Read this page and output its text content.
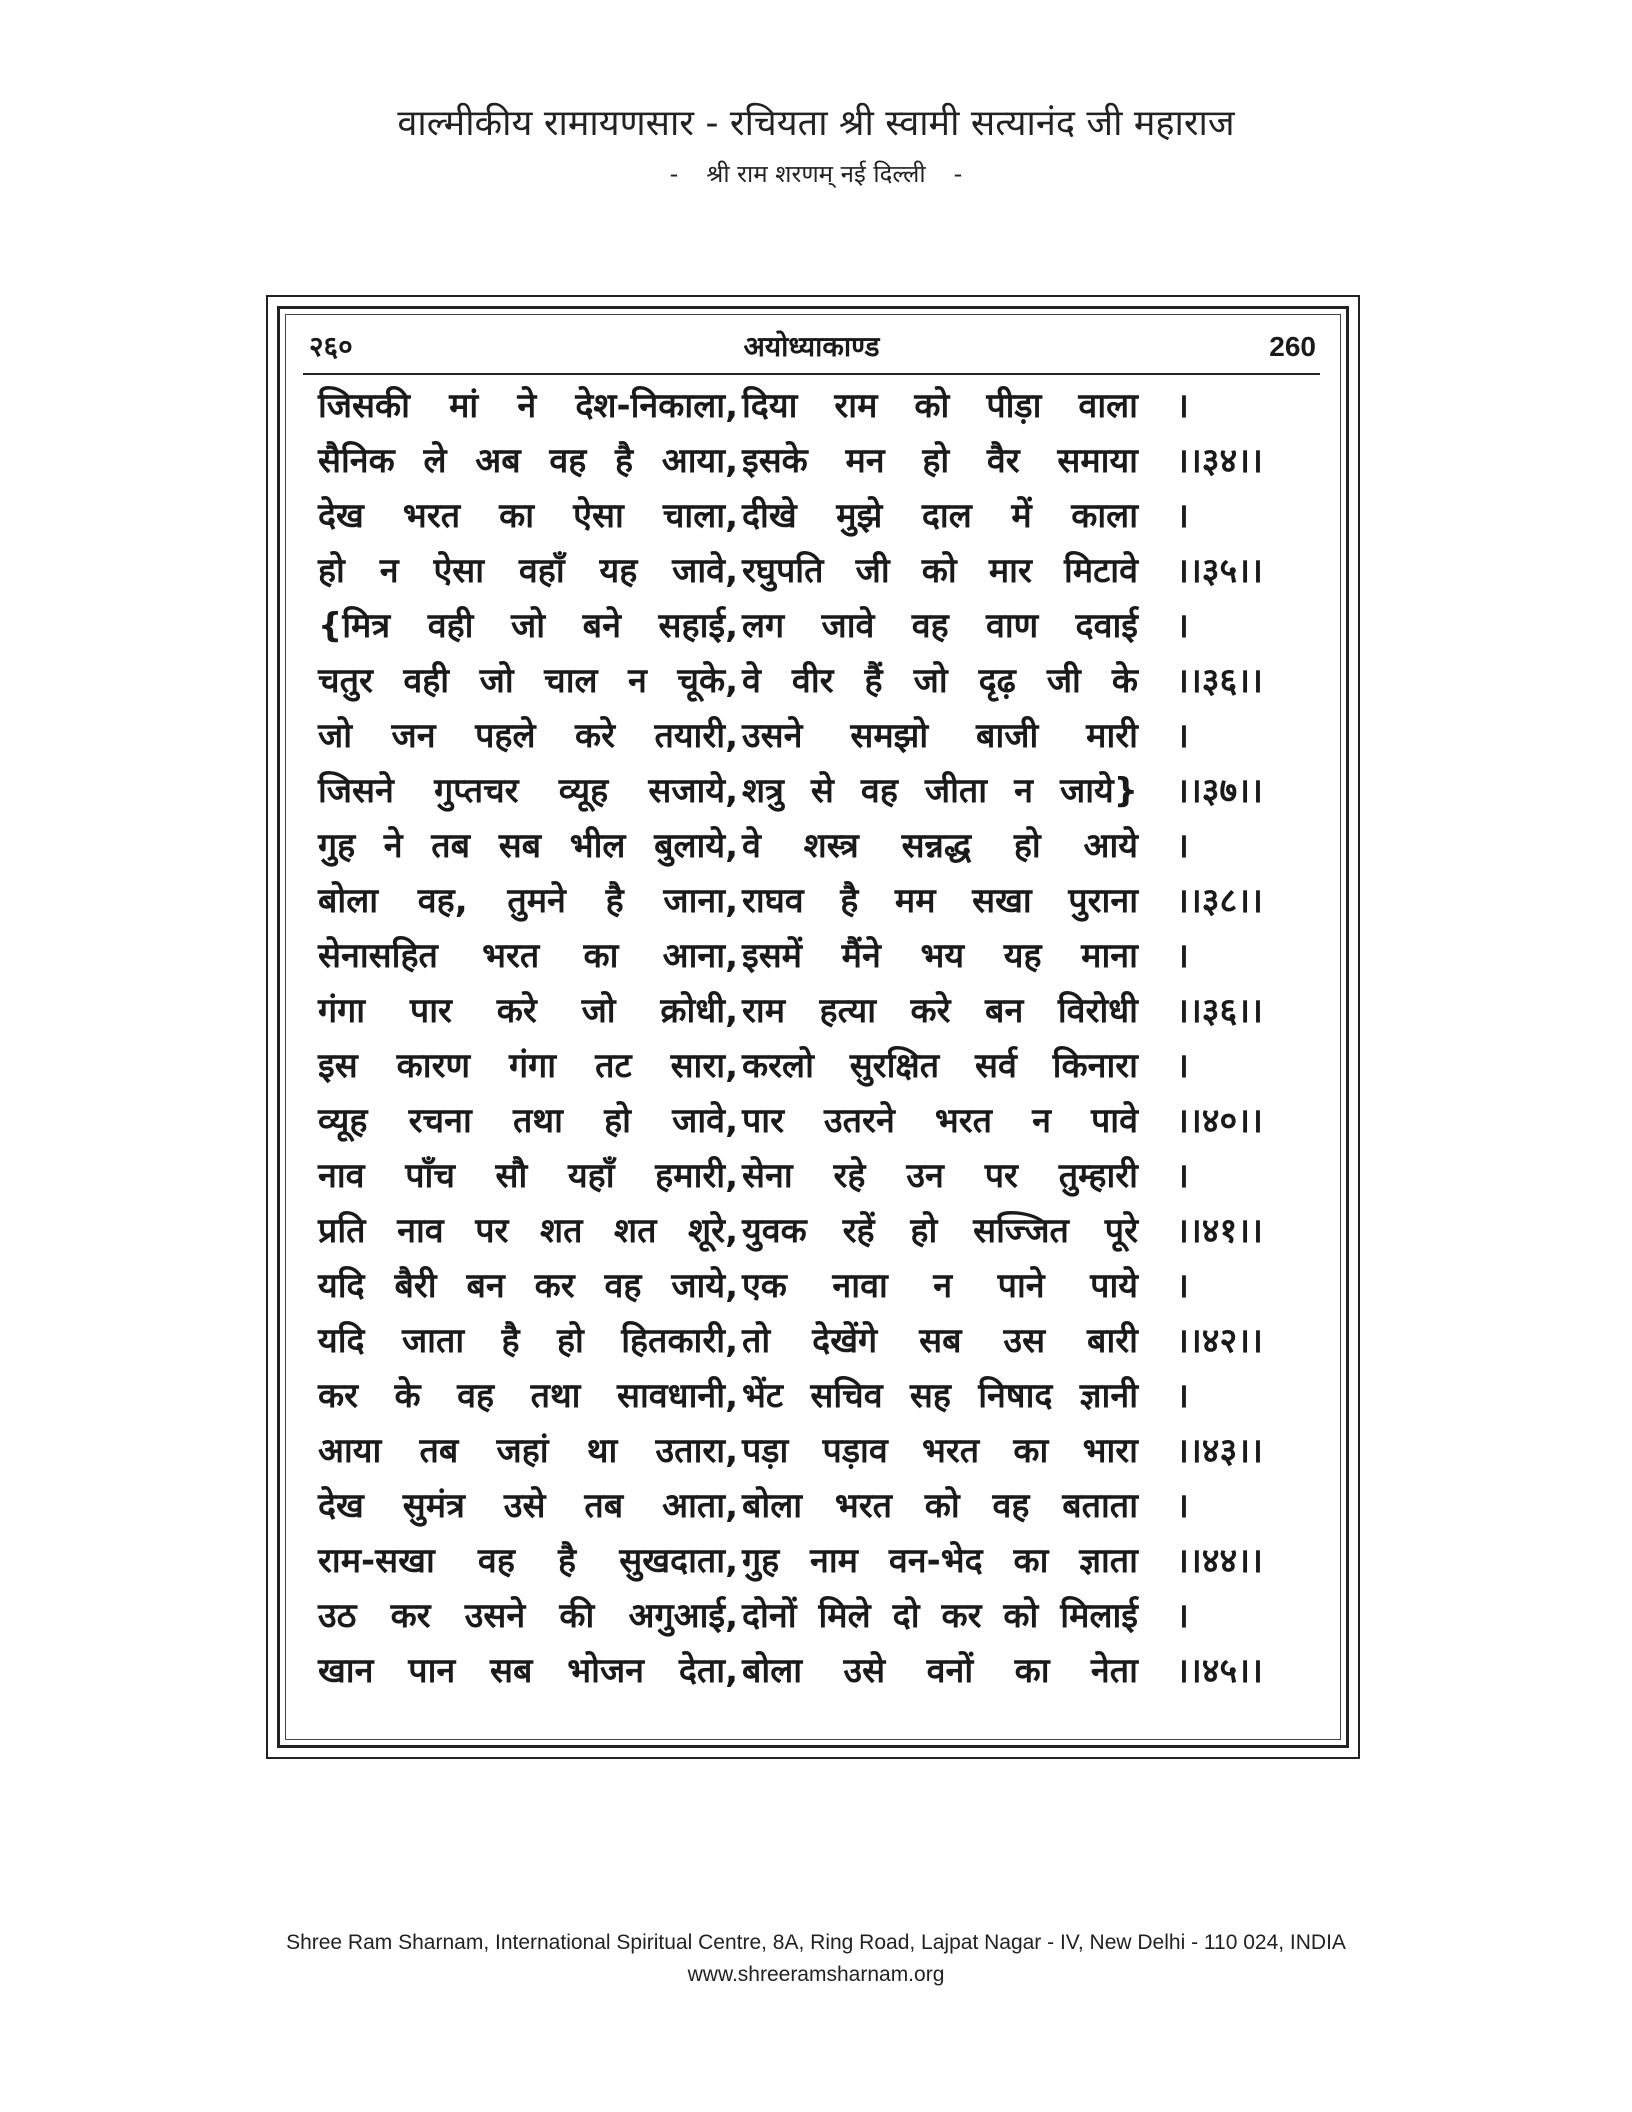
वाल्मीकीय रामायणसार - रचियता श्री स्वामी सत्यानंद जी महाराज
- श्री राम शरणम् नई दिल्ली -
२६०	अयोध्याकाण्ड	260
जिसकी मां ने देश-निकाला, दिया राम को पीड़ा वाला ।
सैनिक ले अब वह है आया, इसके मन हो वैर समाया ।।३४।।
देख भरत का ऐसा चाला, दीखे मुझे दाल में काला ।
हो न ऐसा वहाँ यह जावे, रघुपति जी को मार मिटावे ।।३५।।
{मित्र वही जो बने सहाई, लग जावे वह वाण दवाई ।
चतुर वही जो चाल न चूके, वे वीर हैं जो दृढ़ जी के ।।३६।।
जो जन पहले करे तयारी, उसने समझो बाजी मारी ।
जिसने गुप्तचर व्यूह सजाये, शत्रु से वह जीता न जाये} ।।३७।।
गुह ने तब सब भील बुलाये, वे शस्त्र सन्नद्ध हो आये ।
बोला वह, तुमने है जाना, राघव है मम सखा पुराना ।।३८।।
सेनासहित भरत का आना, इसमें मैंने भय यह माना ।
गंगा पार करे जो क्रोधी, राम हत्या करे बन विरोधी ।।३६।।
इस कारण गंगा तट सारा, करलो सुरक्षित सर्व किनारा ।
व्यूह रचना तथा हो जावे, पार उतरने भरत न पावे ।।४०।।
नाव पाँच सौ यहाँ हमारी, सेना रहे उन पर तुम्हारी ।
प्रति नाव पर शत शत शूरे, युवक रहें हो सज्जित पूरे ।।४१।।
यदि बैरी बन कर वह जाये, एक नावा न पाने पाये ।
यदि जाता है हो हितकारी, तो देखेंगे सब उस बारी ।।४२।।
कर के वह तथा सावधानी, भेंट सचिव सह निषाद ज्ञानी ।
आया तब जहां था उतारा, पड़ा पड़ाव भरत का भारा ।।४३।।
देख सुमंत्र उसे तब आता, बोला भरत को वह बताता ।
राम-सखा वह है सुखदाता, गुह नाम वन-भेद का ज्ञाता ।।४४।।
उठ कर उसने की अगुआई, दोनों मिले दो कर को मिलाई ।
खान पान सब भोजन देता, बोला उसे वनों का नेता ।।४५।।
Shree Ram Sharnam, International Spiritual Centre, 8A, Ring Road, Lajpat Nagar - IV, New Delhi - 110 024, INDIA
www.shreeramsharnam.org
